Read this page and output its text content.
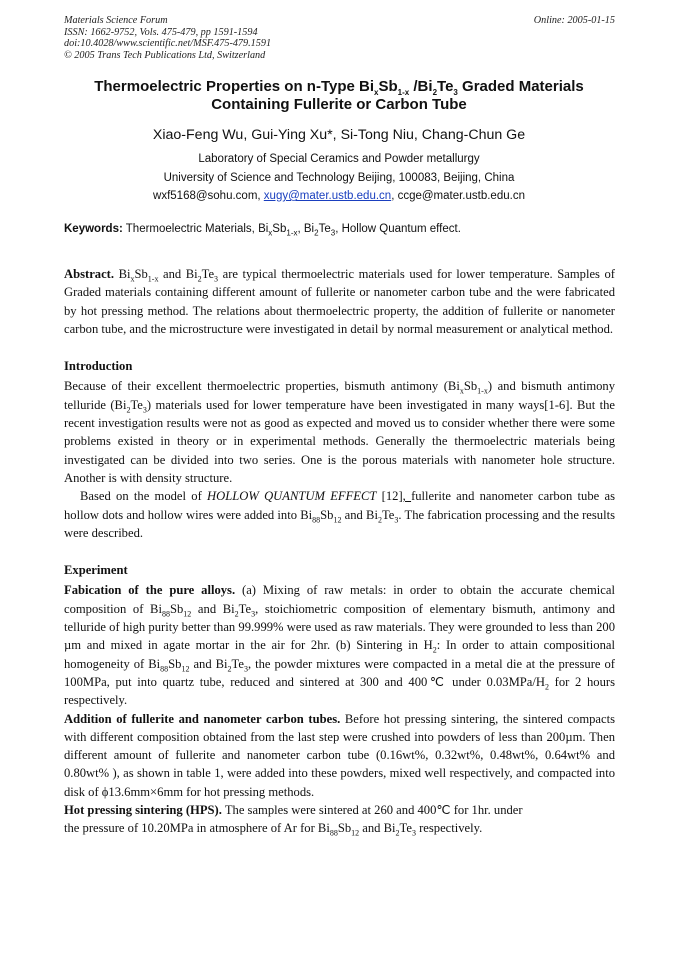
Materials Science Forum
ISSN: 1662-9752, Vols. 475-479, pp 1591-1594
doi:10.4028/www.scientific.net/MSF.475-479.1591
© 2005 Trans Tech Publications Ltd, Switzerland
Online: 2005-01-15
Thermoelectric Properties on n-Type $Bi_xSb_{1-x}$ $/Bi_2Te_3$ Graded Materials
Containing Fullerite or Carbon Tube
Xiao-Feng Wu, Gui-Ying Xu*, Si-Tong Niu, Chang-Chun Ge
Laboratory of Special Ceramics and Powder metallurgy
University of Science and Technology Beijing, 100083, Beijing, China
wxf5168@sohu.com, xugy@mater.ustb.edu.cn, ccge@mater.ustb.edu.cn
Keywords: Thermoelectric Materials, $Bi_xSb_{1-x}$, $Bi_2Te_3$, Hollow Quantum effect.

Abstract. $Bi_xSb_{1-x}$ and $Bi_2Te_3$ are typical thermoelectric materials used for lower temperature. Samples of Graded materials containing different amount of fullerite or nanometer carbon tube and the were fabricated by hot pressing method. The relations about thermoelectric property, the addition of fullerite or nanometer carbon tube, and the microstructure were investigated in detail by normal measurement or analytical method.

Introduction

Because of their excellent thermoelectric properties, bismuth antimony $(Bi_xSb_{1-x})$ and bismuth antimony telluride $(Bi_2Te_3)$ materials used for lower temperature have been investigated in many ways[1-6]. But the recent investigation results were not as good as expected and moved us to consider whether there were some problems existed in theory or in experimental methods. Generally the thermoelectric materials being investigated can be divided into two series. One is the porous materials with nanometer hole structure. Another is with density structure.

Based on the model of HOLLOW QUANTUM EFFECT [12], fullerite and nanometer carbon tube as hollow dots and hollow wires were added into $Bi_{88}Sb_{12}$ and $Bi_2Te_3$. The fabrication processing and the results were described.

Experiment

Fabication of the pure alloys. (a) Mixing of raw metals: in order to obtain the accurate chemical composition of $Bi_{88}Sb_{12}$ and $Bi_2Te_3$, stoichiometric composition of elementary bismuth, antimony and telluride of high purity better than 99.999% were used as raw materials. They were grounded to less than 200 µm and mixed in agate mortar in the air for 2hr. (b) Sintering in $H_2$: In order to attain compositional homogeneity of $Bi_{88}Sb_{12}$ and $Bi_2Te_3$, the powder mixtures were compacted in a metal die at the pressure of 100MPa, put into quartz tube, reduced and sintered at 300 and 400℃ under $0.03MPa/H_2$ for 2 hours respectively.

Addition of fullerite and nanometer carbon tubes. Before hot pressing sintering, the sintered compacts with different composition obtained from the last step were crushed into powders of less than 200µm. Then different amount of fullerite and nanometer carbon tube (0.16wt%, 0.32wt%, 0.48wt%, 0.64wt% and 0.80wt% ), as shown in table 1, were added into these powders, mixed well respectively, and compacted into disk of ϕ13.6mm×6mm for hot pressing methods.

Hot pressing sintering (HPS). The samples were sintered at 260 and 400℃ for 1hr. under
the pressure of 10.20MPa in atmosphere of Ar for $Bi_{88}Sb_{12}$ and $Bi_2Te_3$ respectively.
